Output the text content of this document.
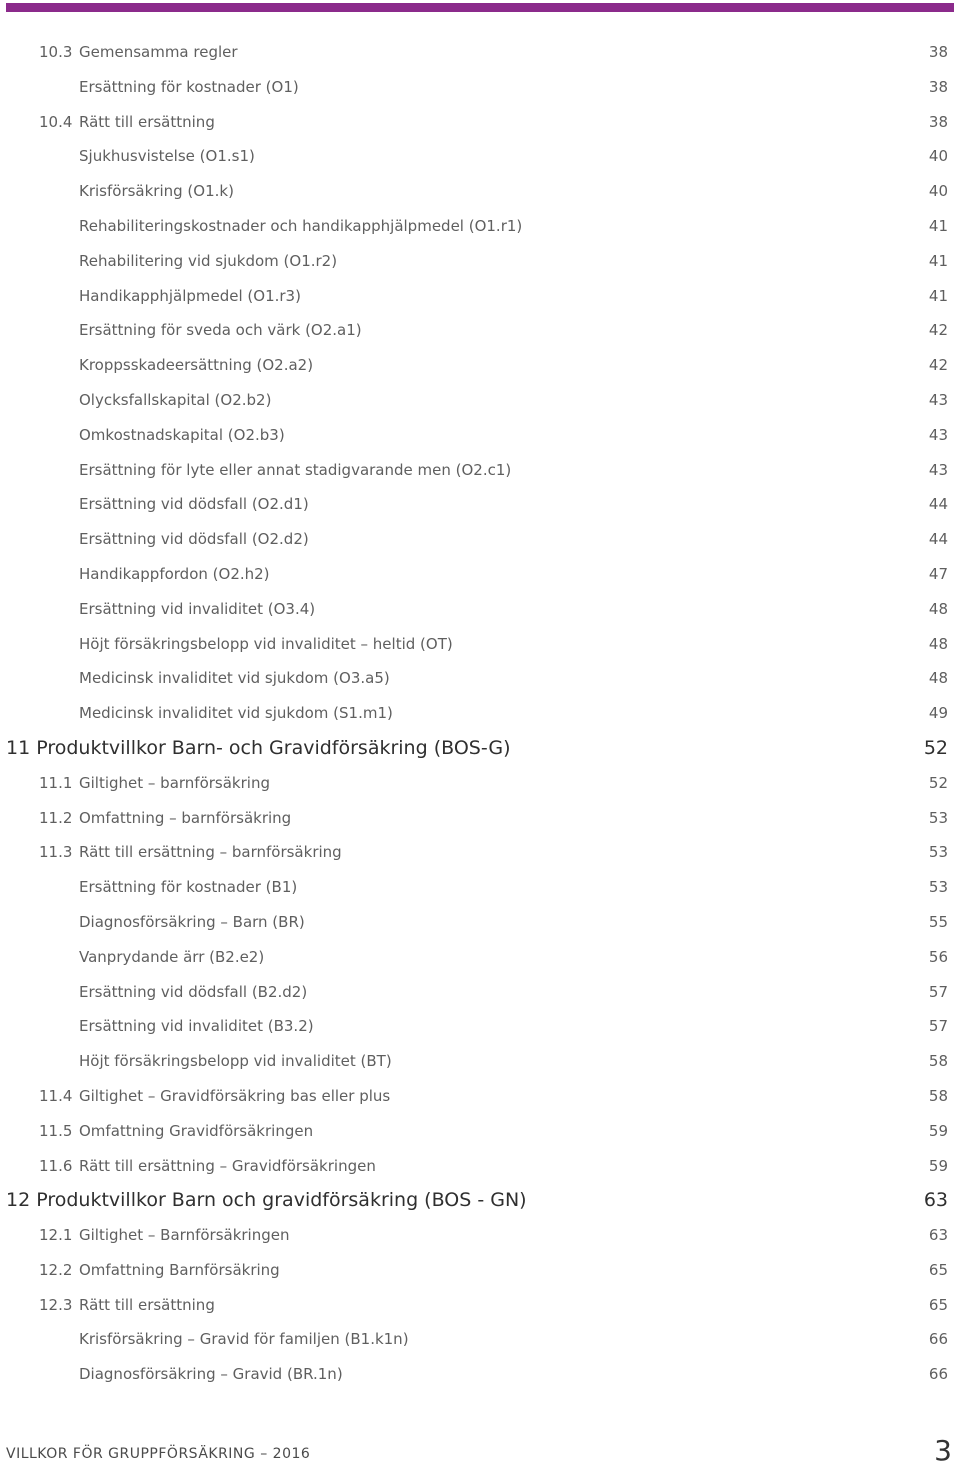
10.3 Gemensamma regler	38
Ersättning för kostnader (O1)	38
10.4 Rätt till ersättning	38
Sjukhusvistelse (O1.s1)	40
Krisförsäkring (O1.k)	40
Rehabiliteringskostnader och handikapphjälpmedel (O1.r1)	41
Rehabilitering vid sjukdom (O1.r2)	41
Handikapphjälpmedel (O1.r3)	41
Ersättning för sveda och värk (O2.a1)	42
Kroppsskadeersättning (O2.a2)	42
Olycksfallskapital (O2.b2)	43
Omkostnadskapital (O2.b3)	43
Ersättning för lyte eller annat stadigvarande men (O2.c1)	43
Ersättning vid dödsfall (O2.d1)	44
Ersättning vid dödsfall (O2.d2)	44
Handikappfordon (O2.h2)	47
Ersättning vid invaliditet (O3.4)	48
Höjt försäkringsbelopp vid invaliditet – heltid (OT)	48
Medicinsk invaliditet vid sjukdom (O3.a5)	48
Medicinsk invaliditet vid sjukdom (S1.m1)	49
11 Produktvillkor Barn- och Gravidförsäkring (BOS-G)	52
11.1 Giltighet – barnförsäkring	52
11.2 Omfattning – barnförsäkring	53
11.3 Rätt till ersättning – barnförsäkring	53
Ersättning för kostnader (B1)	53
Diagnosförsäkring – Barn (BR)	55
Vanprydande ärr (B2.e2)	56
Ersättning vid dödsfall (B2.d2)	57
Ersättning vid invaliditet (B3.2)	57
Höjt försäkringsbelopp vid invaliditet (BT)	58
11.4 Giltighet – Gravidförsäkring bas eller plus	58
11.5 Omfattning Gravidförsäkringen	59
11.6 Rätt till ersättning – Gravidförsäkringen	59
12 Produktvillkor Barn och gravidförsäkring (BOS - GN)	63
12.1 Giltighet – Barnförsäkringen	63
12.2 Omfattning Barnförsäkring	65
12.3 Rätt till ersättning	65
Krisförsäkring – Gravid för familjen (B1.k1n)	66
Diagnosförsäkring – Gravid (BR.1n)	66
VILLKOR FÖR GRUPPFÖRSÄKRING – 2016	3
